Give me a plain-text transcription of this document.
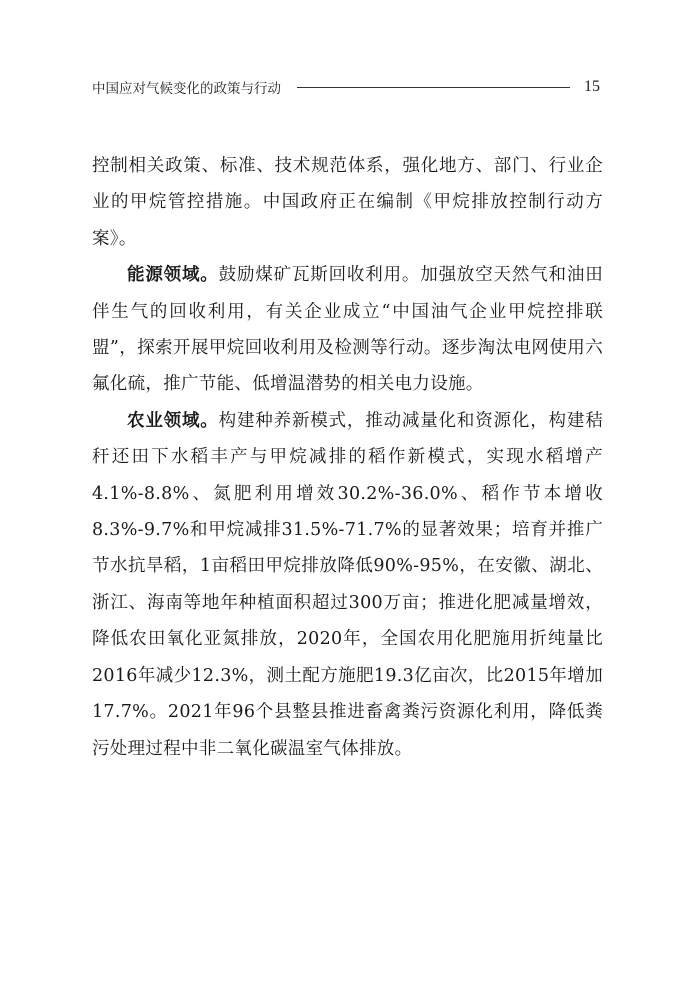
中国应对气候变化的政策与行动	15

控制相关政策、标准、技术规范体系，强化地方、部门、行业企业的甲烷管控措施。中国政府正在编制《甲烷排放控制行动方案》。

能源领域。鼓励煤矿瓦斯回收利用。加强放空天然气和油田伴生气的回收利用，有关企业成立“中国油气企业甲烷控排联盟”，探索开展甲烷回收利用及检测等行动。逐步淘汰电网使用六氟化硫，推广节能、低增温潜势的相关电力设施。

农业领域。构建种养新模式，推动减量化和资源化，构建秸秆还田下水稻丰产与甲烷减排的稻作新模式，实现水稻增产4.1%-8.8%、氮肥利用增效30.2%-36.0%、稻作节本增收8.3%-9.7%和甲烷减排31.5%-71.7%的显著效果；培育并推广节水抗旱稻，1亩稻田甲烷排放降低90%-95%，在安徽、湖北、浙江、海南等地年种植面积超过300万亩；推进化肥减量增效，降低农田氧化亚氮排放，2020年，全国农用化肥施用折纯量比2016年减少12.3%，测土配方施肥19.3亿亩次，比2015年增加17.7%。2021年96个县整县推进畜禽粪污资源化利用，降低粪污处理过程中非二氧化碳温室气体排放。
